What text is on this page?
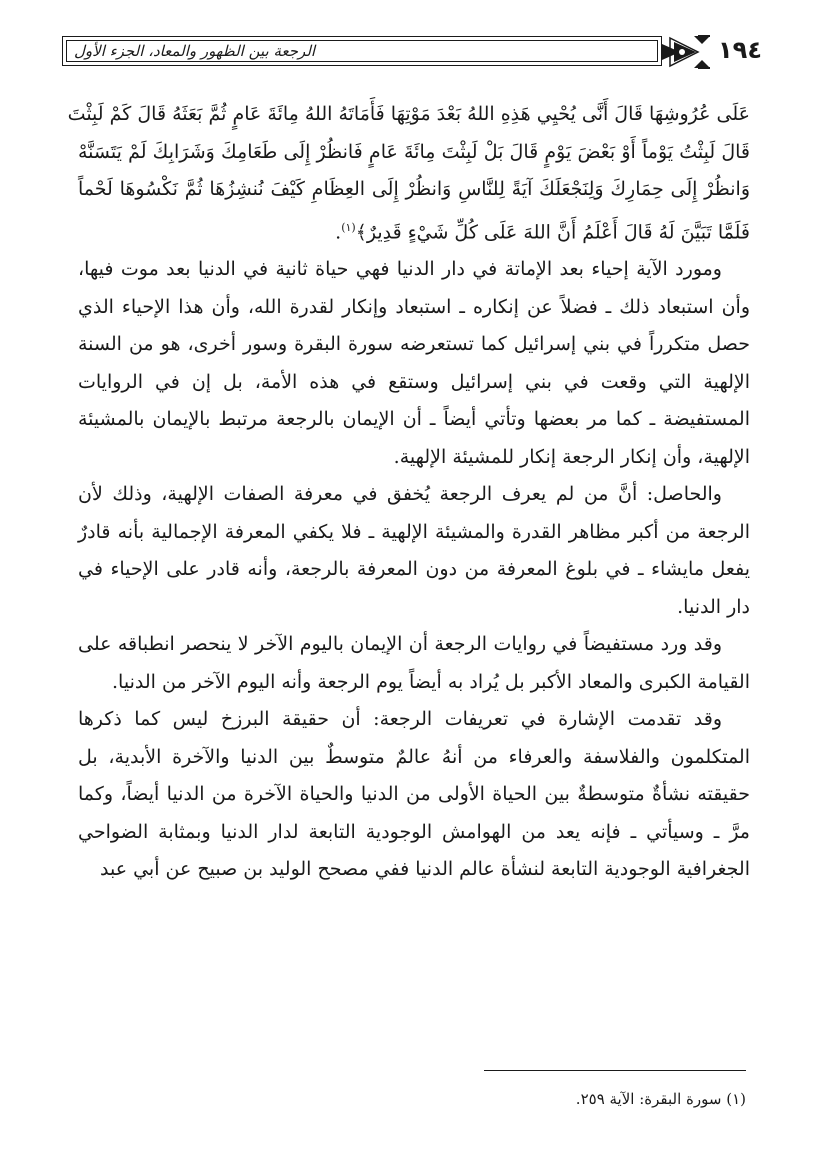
الرجعة بين الظهور والمعاد، الجزء الأول	١٩٤
عَلَى عُرُوشِهَا قَالَ أَنَّى يُحْيِي هَذِهِ اللهُ بَعْدَ مَوْتِهَا فَأَمَاتَهُ اللهُ مِائَةَ عَامٍ ثُمَّ بَعَثَهُ قَالَ كَمْ لَبِثْتَ
قَالَ لَبِثْتُ يَوْماً أَوْ بَعْضَ يَوْمٍ قَالَ بَلْ لَبِثْتَ مِائَةَ عَامٍ فَانظُرْ إِلَى طَعَامِكَ وَشَرَابِكَ لَمْ يَتَسَنَّهْ
وَانظُرْ إِلَى حِمَارِكَ وَلِنَجْعَلَكَ آيَةً لِلنَّاسِ وَانظُرْ إِلَى العِظَامِ كَيْفَ نُنشِزُهَا ثُمَّ نَكْسُوهَا لَحْماً
فَلَمَّا تَبَيَّنَ لَهُ قَالَ أَعْلَمُ أَنَّ اللهَ عَلَى كُلِّ شَيْءٍ قَدِيرٌ﴾$^{(١)}$.

ومورد الآية إحياء بعد الإماتة في دار الدنيا فهي حياة ثانية في الدنيا بعد موت فيها، وأن استبعاد ذلك ـ فضلاً عن إنكاره ـ استبعاد وإنكار لقدرة الله، وأن هذا الإحياء الذي حصل متكرراً في بني إسرائيل كما تستعرضه سورة البقرة وسور أخرى، هو من السنة الإلهية التي وقعت في بني إسرائيل وستقع في هذه الأمة، بل إن في الروايات المستفيضة ـ كما مر بعضها وتأتي أيضاً ـ أن الإيمان بالرجعة مرتبط بالإيمان بالمشيئة الإلهية، وأن إنكار الرجعة إنكار للمشيئة الإلهية.

والحاصل: أنَّ من لم يعرف الرجعة يُخفق في معرفة الصفات الإلهية، وذلك لأن الرجعة من أكبر مظاهر القدرة والمشيئة الإلهية ـ فلا يكفي المعرفة الإجمالية بأنه قادرٌ يفعل مايشاء ـ في بلوغ المعرفة من دون المعرفة بالرجعة، وأنه قادر على الإحياء في دار الدنيا.

وقد ورد مستفيضاً في روايات الرجعة أن الإيمان باليوم الآخر لا ينحصر انطباقه على القيامة الكبرى والمعاد الأكبر بل يُراد به أيضاً يوم الرجعة وأنه اليوم الآخر من الدنيا.

وقد تقدمت الإشارة في تعريفات الرجعة: أن حقيقة البرزخ ليس كما ذكرها المتكلمون والفلاسفة والعرفاء من أنهُ عالمٌ متوسطٌ بين الدنيا والآخرة الأبدية، بل حقيقته نشأةٌ متوسطةٌ بين الحياة الأولى من الدنيا والحياة الآخرة من الدنيا أيضاً، وكما مرَّ ـ وسيأتي ـ فإنه يعد من الهوامش الوجودية التابعة لدار الدنيا وبمثابة الضواحي الجغرافية الوجودية التابعة لنشأة عالم الدنيا ففي مصحح الوليد بن صبيح عن أبي عبد

(١) سورة البقرة: الآية ٢٥٩.
